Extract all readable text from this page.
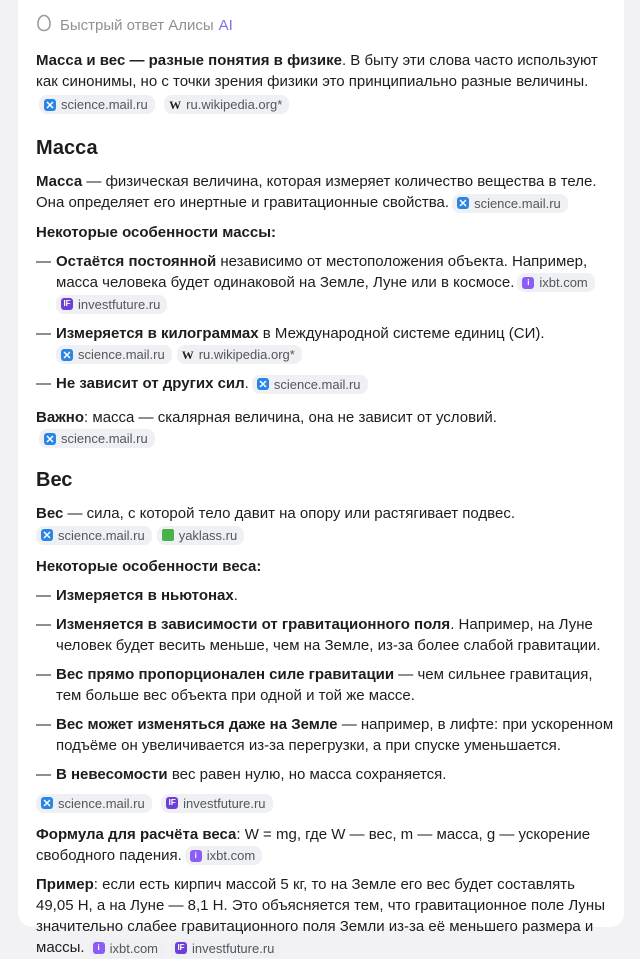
Быстрый ответ Алисы AI

Масса и вес — разные понятия в физике. В быту эти слова часто используют как синонимы, но с точки зрения физики это принципиально разные величины.

science.mail.ru
W ru.wikipedia.org*
Масса

Масса — физическая величина, которая измеряет количество вещества в теле. Она определяет его инертные и гравитационные свойства. science.mail.ru

Некоторые особенности массы:

— Остаётся постоянной независимо от местоположения объекта. Например, масса человека будет одинаковой на Земле, Луне или в космосе.	i ixbt.com

IF investfuture.ru
— Измеряется в килограммах в Международной системе единиц (СИ).

science.mail.ru W ru.wikipedia.org*
— Не зависит от других сил. science.mail.ru

Важно: масса — скалярная величина, она не зависит от условий.
science.mail.ru

Вес

Вес — сила, с которой тело давит на опору или растягивает подвес.

science.mail.ru	yaklass.ru

Некоторые особенности веса:

— Измеряется в ньютонах.
— Изменяется в зависимости от гравитационного поля. Например, на Луне человек будет весить меньше, чем на Земле, из-за более слабой гравитации.
— Вес прямо пропорционален силе гравитации — чем сильнее гравитация, тем больше вес объекта при одной и той же массе.
— Вес может изменяться даже на Земле — например, в лифте: при ускоренном подъёме он увеличивается из-за перегрузки, а при спуске уменьшается.
— В невесомости вес равен нулю, но масса сохраняется.
science.mail.ru
	IF investfuture.ru

Формула для расчёта веса: W = mg, где W — вес, m — масса, g — ускорение свободного падения.	i ixbt.com

Пример: если есть кирпич массой 5 кг, то на Земле его вес будет составлять 49,05 Н, а на Луне — 8,1 Н. Это объясняется тем, что гравитационное поле Луны значительно слабее гравитационного поля Земли из-за её меньшего размера и массы.	i ixbt.com	IF investfuture.ru
